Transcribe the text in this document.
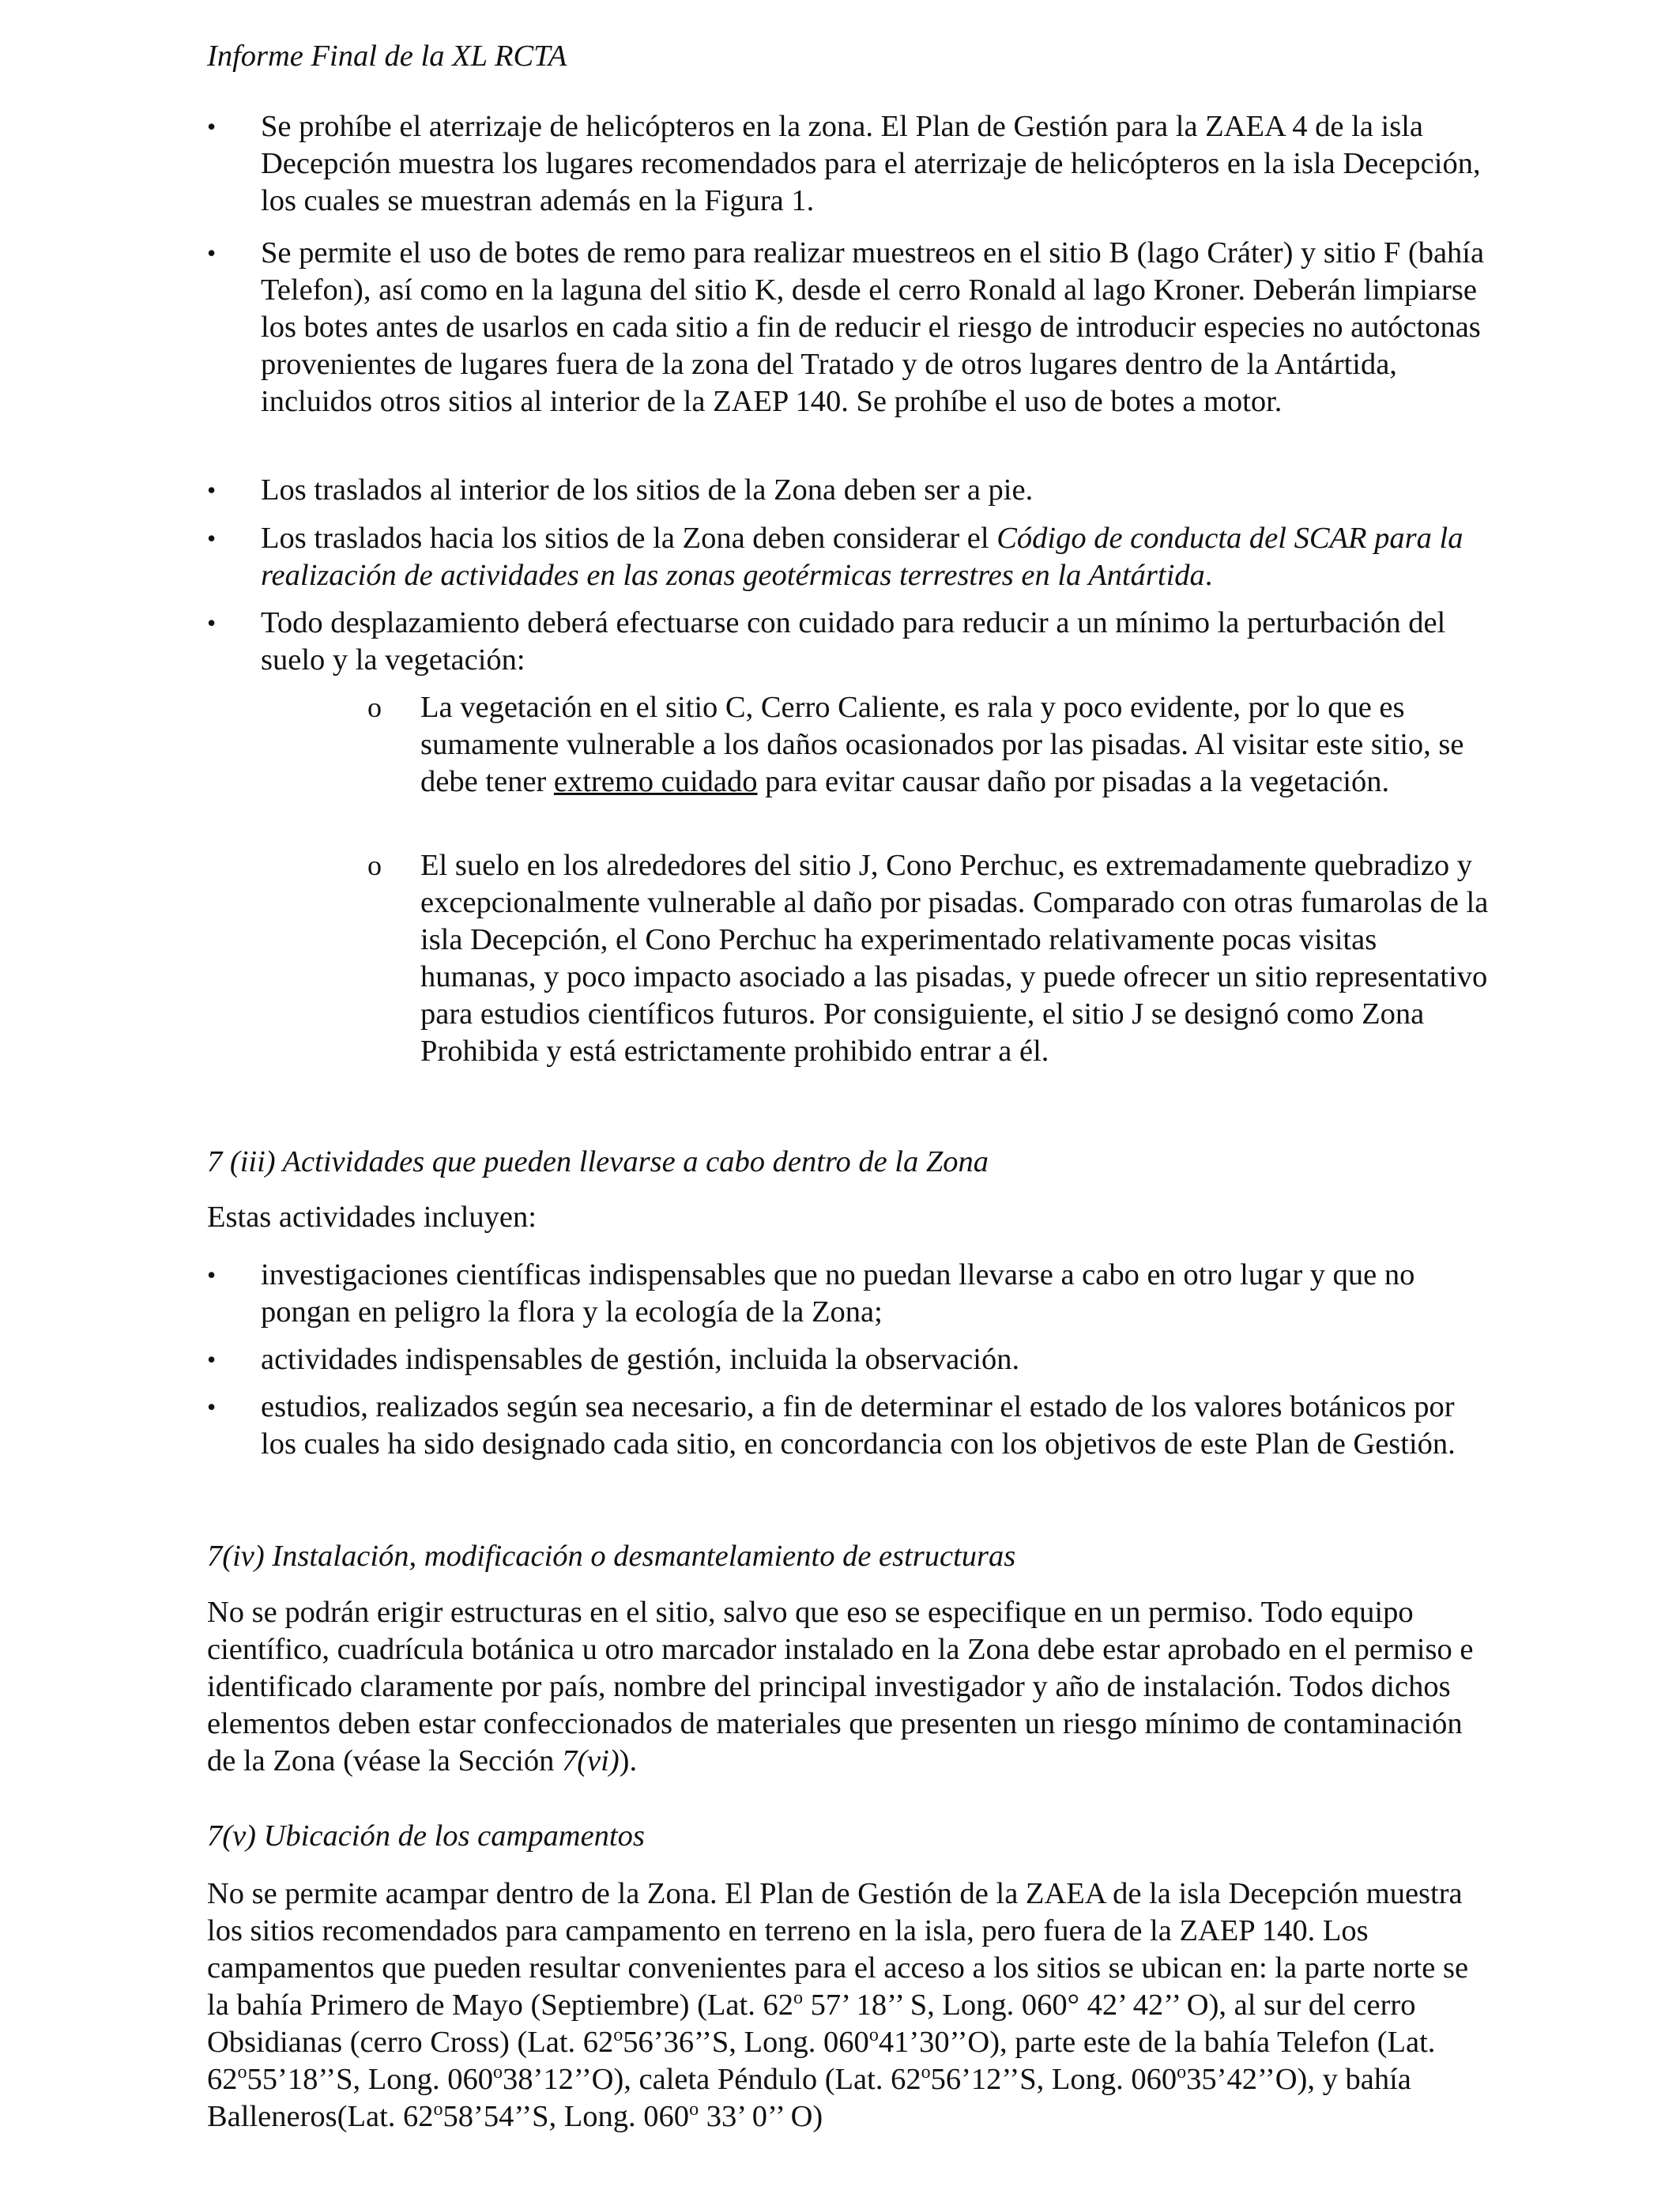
Informe Final de la XL RCTA
• Se prohíbe el aterrizaje de helicópteros en la zona. El Plan de Gestión para la ZAEA 4 de la isla Decepción muestra los lugares recomendados para el aterrizaje de helicópteros en la isla Decepción, los cuales se muestran además en la Figura 1.
• Se permite el uso de botes de remo para realizar muestreos en el sitio B (lago Cráter) y sitio F (bahía Telefon), así como en la laguna del sitio K, desde el cerro Ronald al lago Kroner. Deberán limpiarse los botes antes de usarlos en cada sitio a fin de reducir el riesgo de introducir especies no autóctonas provenientes de lugares fuera de la zona del Tratado y de otros lugares dentro de la Antártida, incluidos otros sitios al interior de la ZAEP 140. Se prohíbe el uso de botes a motor.
• Los traslados al interior de los sitios de la Zona deben ser a pie.
• Los traslados hacia los sitios de la Zona deben considerar el Código de conducta del SCAR para la realización de actividades en las zonas geotérmicas terrestres en la Antártida.
• Todo desplazamiento deberá efectuarse con cuidado para reducir a un mínimo la perturbación del suelo y la vegetación:
o La vegetación en el sitio C, Cerro Caliente, es rala y poco evidente, por lo que es sumamente vulnerable a los daños ocasionados por las pisadas. Al visitar este sitio, se debe tener extremo cuidado para evitar causar daño por pisadas a la vegetación.
o El suelo en los alrededores del sitio J, Cono Perchuc, es extremadamente quebradizo y excepcionalmente vulnerable al daño por pisadas. Comparado con otras fumarolas de la isla Decepción, el Cono Perchuc ha experimentado relativamente pocas visitas humanas, y poco impacto asociado a las pisadas, y puede ofrecer un sitio representativo para estudios científicos futuros. Por consiguiente, el sitio J se designó como Zona Prohibida y está estrictamente prohibido entrar a él.
7 (iii) Actividades que pueden llevarse a cabo dentro de la Zona
Estas actividades incluyen:
• investigaciones científicas indispensables que no puedan llevarse a cabo en otro lugar y que no pongan en peligro la flora y la ecología de la Zona;
• actividades indispensables de gestión, incluida la observación.
• estudios, realizados según sea necesario, a fin de determinar el estado de los valores botánicos por los cuales ha sido designado cada sitio, en concordancia con los objetivos de este Plan de Gestión.
7(iv) Instalación, modificación o desmantelamiento de estructuras
No se podrán erigir estructuras en el sitio, salvo que eso se especifique en un permiso. Todo equipo científico, cuadrícula botánica u otro marcador instalado en la Zona debe estar aprobado en el permiso e identificado claramente por país, nombre del principal investigador y año de instalación. Todos dichos elementos deben estar confeccionados de materiales que presenten un riesgo mínimo de contaminación de la Zona (véase la Sección 7(vi)).
7(v) Ubicación de los campamentos
No se permite acampar dentro de la Zona. El Plan de Gestión de la ZAEA de la isla Decepción muestra los sitios recomendados para campamento en terreno en la isla, pero fuera de la ZAEP 140. Los campamentos que pueden resultar convenientes para el acceso a los sitios se ubican en: la parte norte se la bahía Primero de Mayo (Septiembre) (Lat. 62$^o$ 57’ 18’’ S, Long. 060° 42’ 42’’ O), al sur del cerro Obsidianas (cerro Cross) (Lat. 62$^o$56’36’’S, Long. 060$^o$41’30’’O), parte este de la bahía Telefon (Lat. 62$^o$55’18’’S, Long. 060$^o$38’12’’O), caleta Péndulo (Lat. 62$^o$56’12’’S, Long. 060$^o$35’42’’O), y bahía Balleneros(Lat. 62$^o$58’54’’S, Long. 060$^o$ 33’ 0’’ O)
